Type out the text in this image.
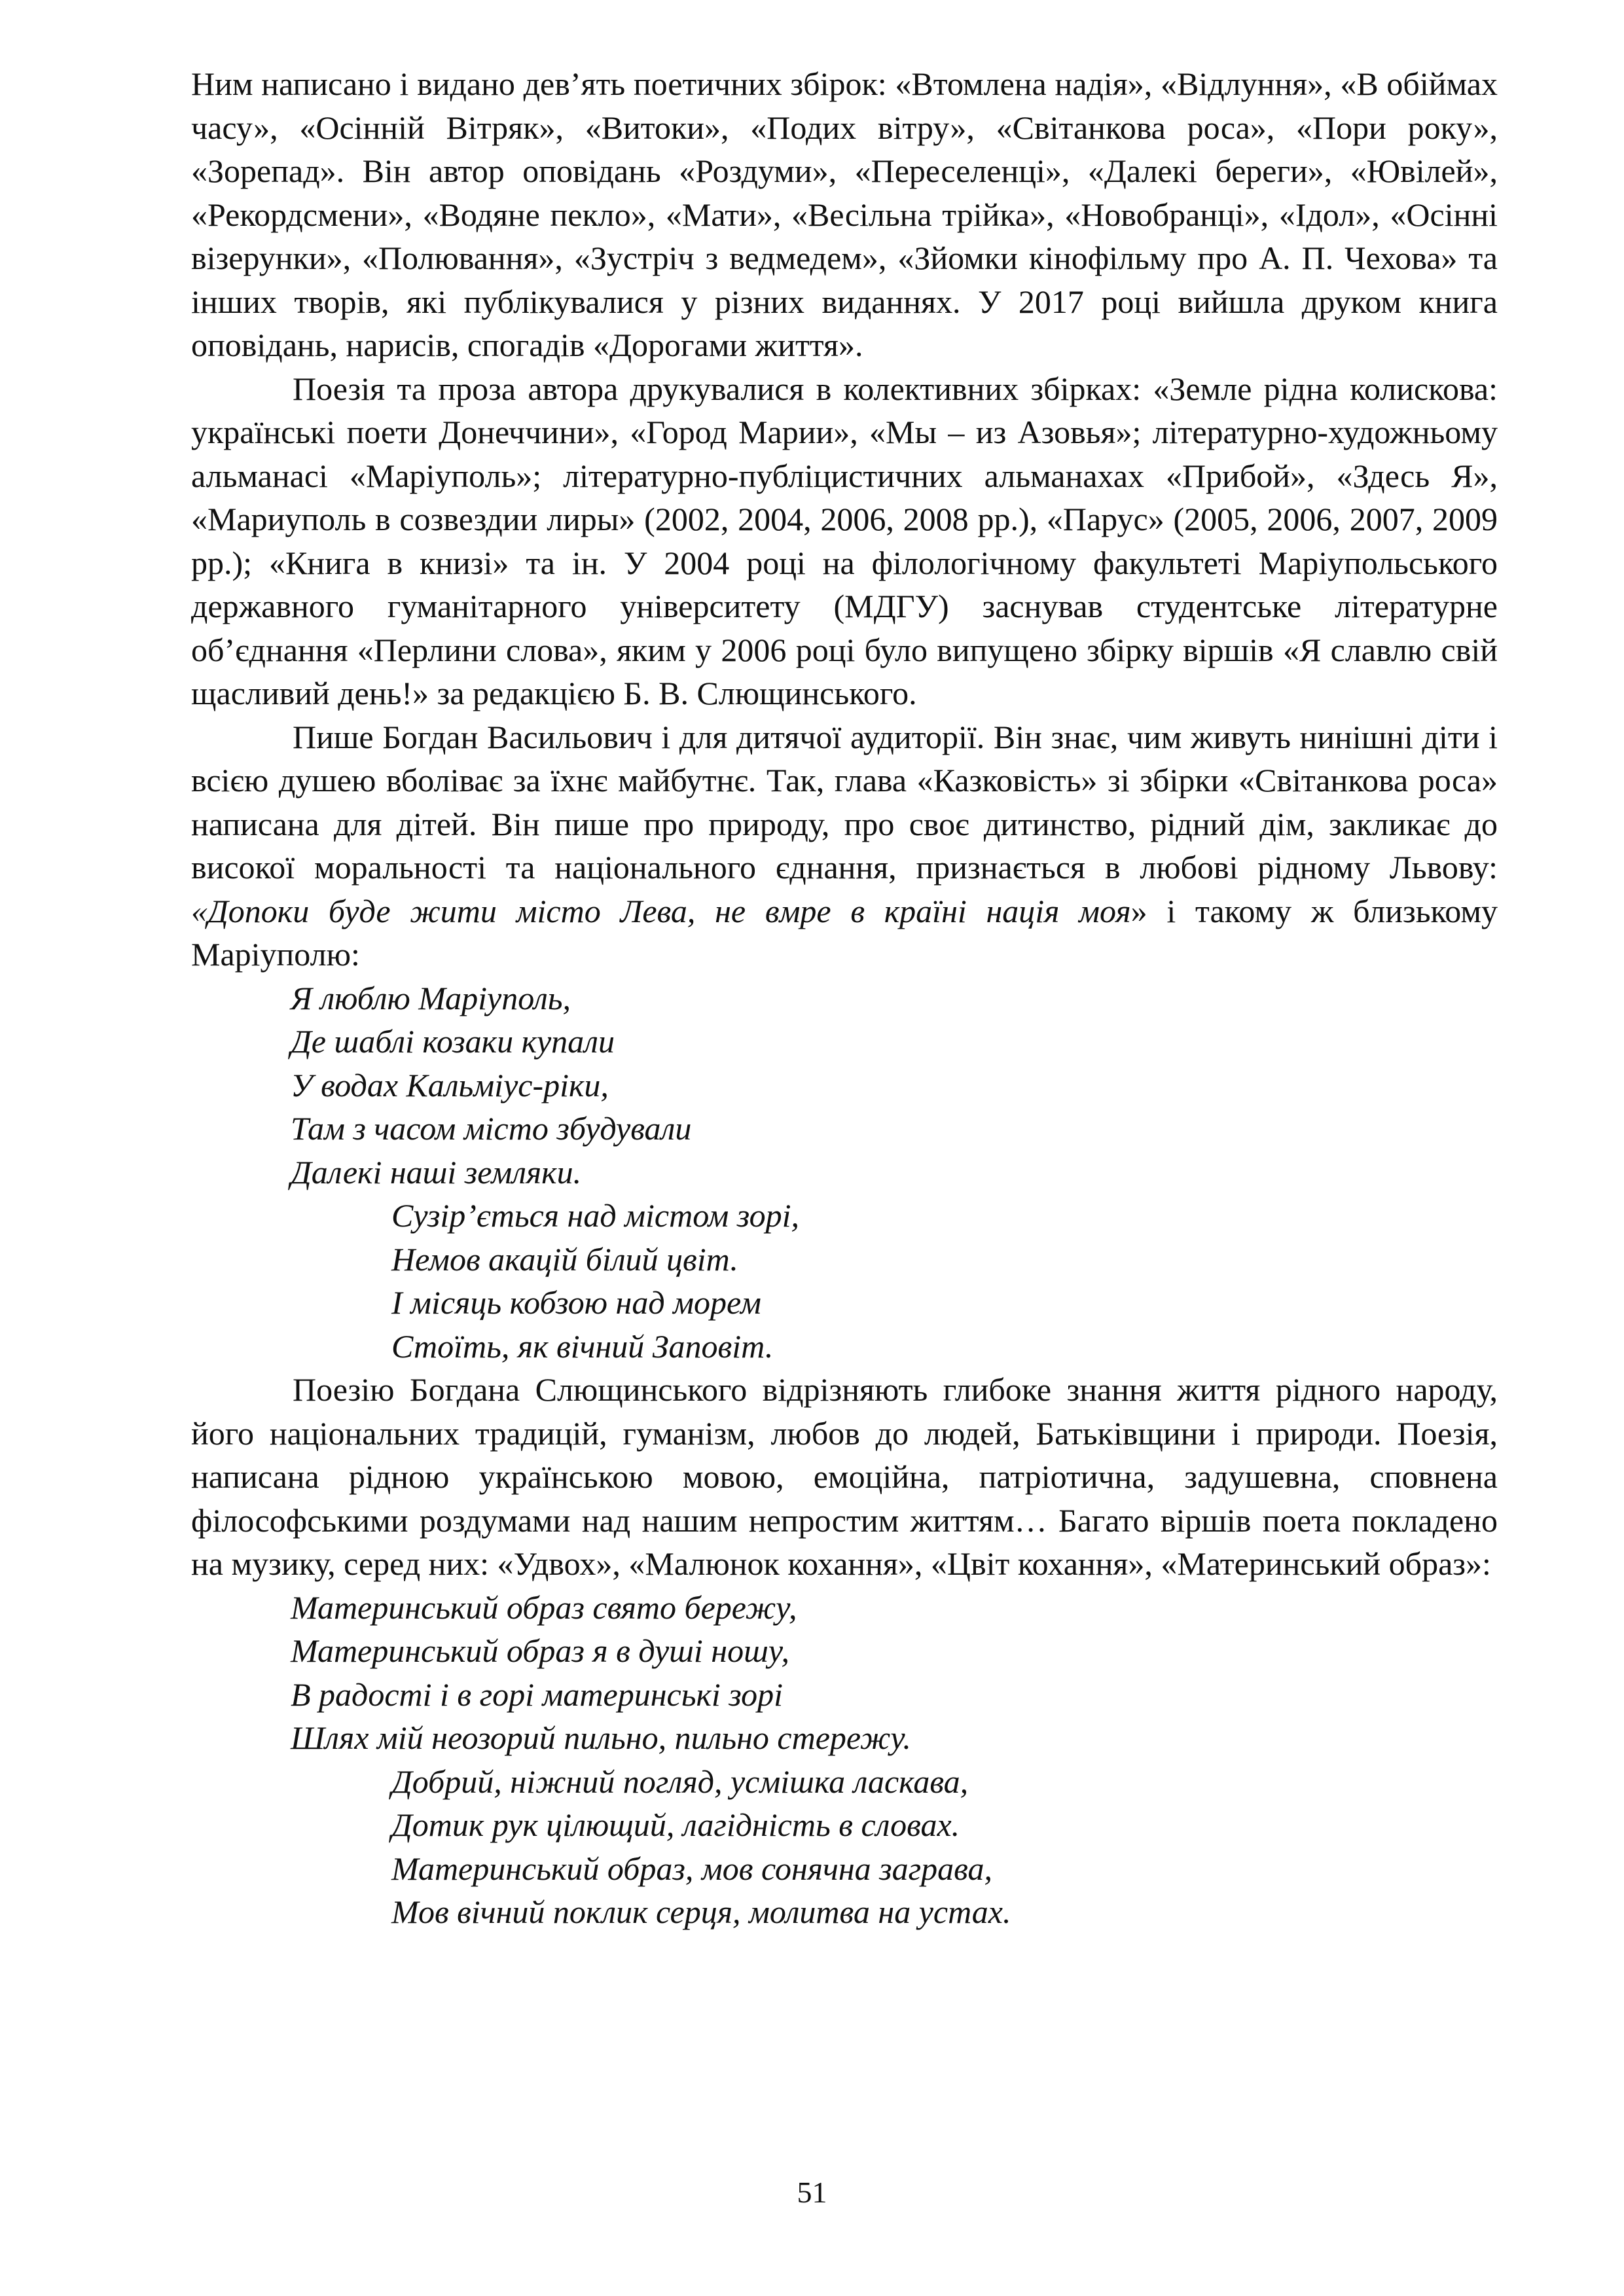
Ним написано і видано дев’ять поетичних збірок: «Втомлена надія», «Відлуння», «В обіймах часу», «Осінній Вітряк», «Витоки», «Подих вітру», «Світанкова роса», «Пори року», «Зорепад». Він автор оповідань «Роздуми», «Переселенці», «Далекі береги», «Ювілей», «Рекордсмени», «Водяне пекло», «Мати», «Весільна трійка», «Новобранці», «Ідол», «Осінні візерунки», «Полювання», «Зустріч з ведмедем», «Зйомки кінофільму про А. П. Чехова» та інших творів, які публікувалися у різних виданнях. У 2017 році вийшла друком книга оповідань, нарисів, спогадів «Дорогами життя».

Поезія та проза автора друкувалися в колективних збірках: «Земле рідна колискова: українські поети Донеччини», «Город Марии», «Мы – из Азовья»; літературно-художньому альманасі «Маріуполь»; літературно-публіцистичних альманахах «Прибой», «Здесь Я», «Мариуполь в созвездии лиры» (2002, 2004, 2006, 2008 рр.), «Парус» (2005, 2006, 2007, 2009 рр.); «Книга в книзі» та ін. У 2004 році на філологічному факультеті Маріупольського державного гуманітарного університету (МДГУ) заснував студентське літературне об’єднання «Перлини слова», яким у 2006 році було випущено збірку віршів «Я славлю свій щасливий день!» за редакцією Б. В. Слющинського.

Пише Богдан Васильович і для дитячої аудиторії. Він знає, чим живуть нинішні діти і всією душею вболіває за їхнє майбутнє. Так, глава «Казковість» зі збірки «Світанкова роса» написана для дітей. Він пише про природу, про своє дитинство, рідний дім, закликає до високої моральності та національного єднання, признається в любові рідному Львову: «Допоки буде жити місто Лева, не вмре в країні нація моя» і такому ж близькому Маріуполю:

Я люблю Маріуполь,
Де шаблі козаки купали
У водах Кальміус-ріки,
Там з часом місто збудували
Далекі наші земляки.
Сузір’ється над містом зорі,
Немов акацій білий цвіт.
І місяць кобзою над морем
Стоїть, як вічний Заповіт.

Поезію Богдана Слющинського відрізняють глибоке знання життя рідного народу, його національних традицій, гуманізм, любов до людей, Батьківщини і природи. Поезія, написана рідною українською мовою, емоційна, патріотична, задушевна, сповнена філософськими роздумами над нашим непростим життям… Багато віршів поета покладено на музику, серед них: «Удвох», «Малюнок кохання», «Цвіт кохання», «Материнський образ»:

Материнський образ свято бережу,
Материнський образ я в душі ношу,
В радості і в горі материнські зорі
Шлях мій неозорий пильно, пильно стережу.
Добрий, ніжний погляд, усмішка ласкава,
Дотик рук цілющий, лагідність в словах.
Материнський образ, мов сонячна заграва,
Мов вічний поклик серця, молитва на устах.
51
